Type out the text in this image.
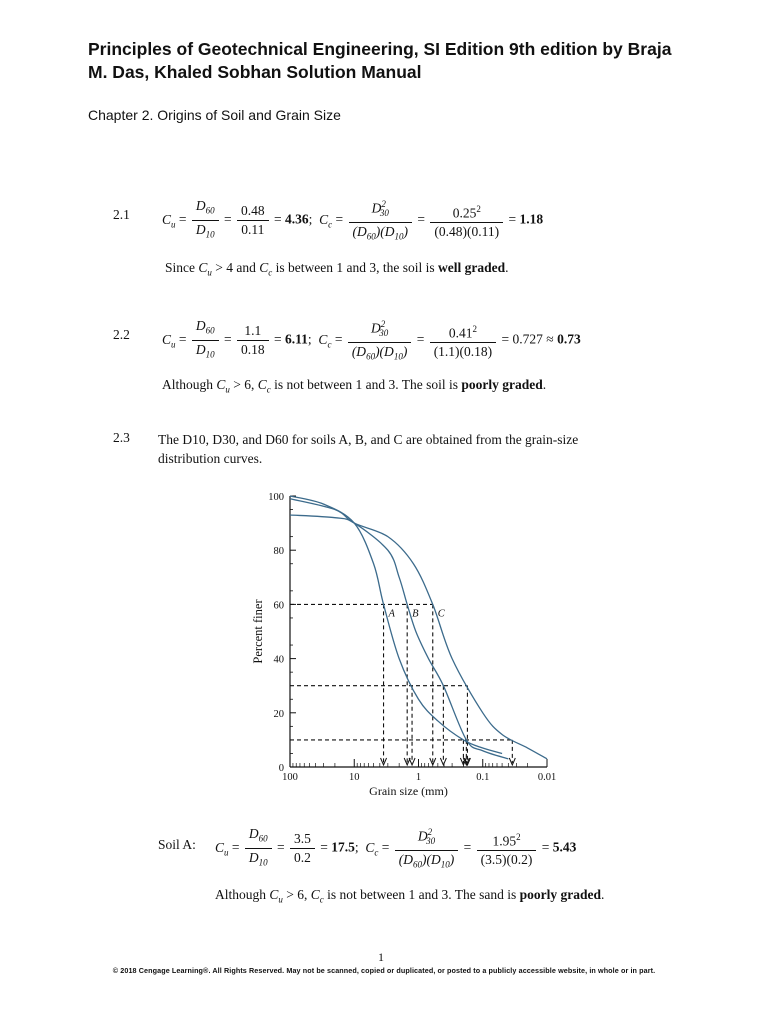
Principles of Geotechnical Engineering, SI Edition 9th edition by Braja
M. Das, Khaled Sobhan Solution Manual
Chapter 2. Origins of Soil and Grain Size
2.1 $C_u = \frac{D_{60}}{D_{10}} = \frac{0.48}{0.11} = 4.36$;  $C_c = \frac{D^2_{30}}{(D_{60})(D_{10})} = \frac{0.25^2}{(0.48)(0.11)} = 1.18$
Since $C_u > 4$ and $C_c$ is between 1 and 3, the soil is well graded.
2.2 $C_u = \frac{D_{60}}{D_{10}} = \frac{1.1}{0.18} = 6.11$;  $C_c = \frac{D^2_{30}}{(D_{60})(D_{10})} = \frac{0.41^2}{(1.1)(0.18)} = 0.727 \approx 0.73$
Although $C_u > 6$, $C_c$ is not between 1 and 3. The soil is poorly graded.
2.3 The D10, D30, and D60 for soils A, B, and C are obtained from the grain-size
distribution curves.
0
20
40
60
80
100
100	10	1	0.1	0.01
A B C
Grain size (mm)
Percent finer
Soil A: $C_u = \frac{D_{60}}{D_{10}} = \frac{3.5}{0.2} = 17.5$;  $C_c = \frac{D^2_{30}}{(D_{60})(D_{10})} = \frac{1.95^2}{(3.5)(0.2)} = 5.43$
Although $C_u > 6$, $C_c$ is not between 1 and 3. The sand is poorly graded.
1
© 2018 Cengage Learning®. All Rights Reserved. May not be scanned, copied or duplicated, or posted to a publicly accessible website, in whole or in part.
